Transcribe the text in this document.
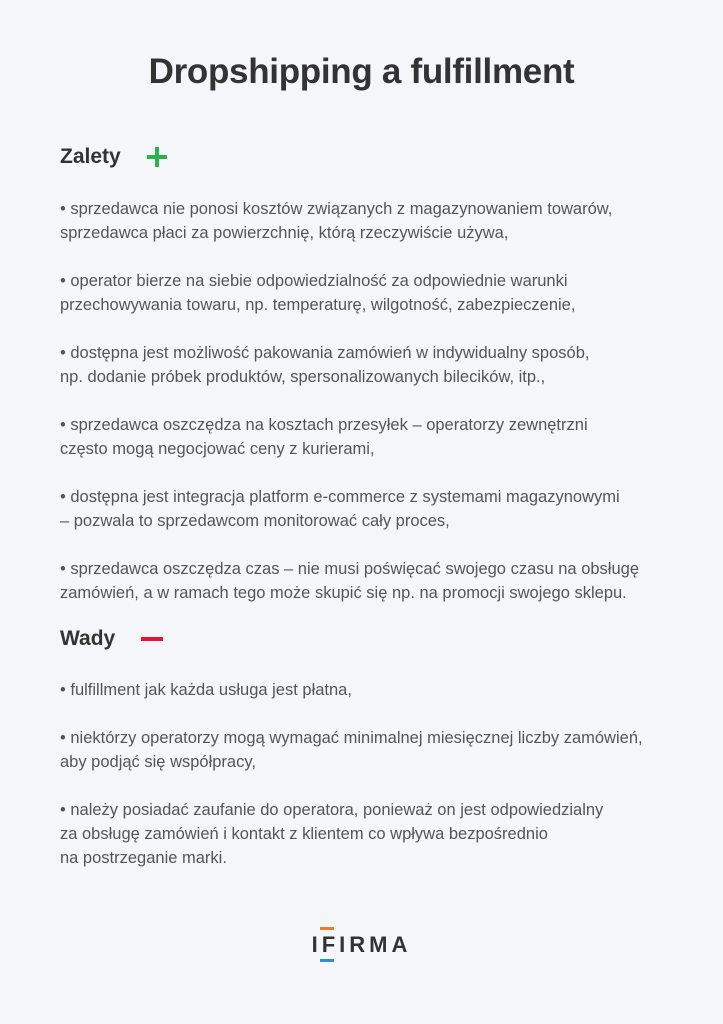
Dropshipping a fulfillment
Zalety
• sprzedawca nie ponosi kosztów związanych z magazynowaniem towarów,
sprzedawca płaci za powierzchnię, którą rzeczywiście używa,
• operator bierze na siebie odpowiedzialność za odpowiednie warunki
przechowywania towaru, np. temperaturę, wilgotność, zabezpieczenie,
• dostępna jest możliwość pakowania zamówień w indywidualny sposób,
np. dodanie próbek produktów, spersonalizowanych bilecików, itp.,
• sprzedawca oszczędza na kosztach przesyłek – operatorzy zewnętrzni
często mogą negocjować ceny z kurierami,
• dostępna jest integracja platform e-commerce z systemami magazynowymi
– pozwala to sprzedawcom monitorować cały proces,
• sprzedawca oszczędza czas – nie musi poświęcać swojego czasu na obsługę
zamówień, a w ramach tego może skupić się np. na promocji swojego sklepu.
Wady
• fulfillment jak każda usługa jest płatna,
• niektórzy operatorzy mogą wymagać minimalnej miesięcznej liczby zamówień,
aby podjąć się współpracy,
• należy posiadać zaufanie do operatora, ponieważ on jest odpowiedzialny
za obsługę zamówień i kontakt z klientem co wpływa bezpośrednio
na postrzeganie marki.
IFIRMA
